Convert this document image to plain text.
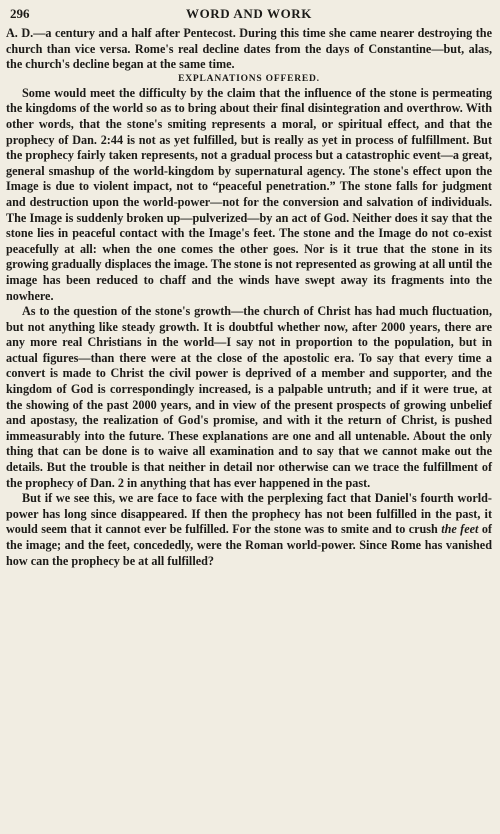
296	WORD AND WORK

A. D.—a century and a half after Pentecost. During this time she came nearer destroying the church than vice versa. Rome's real decline dates from the days of Constantine—but, alas, the church's decline began at the same time.

EXPLANATIONS OFFERED.

Some would meet the difficulty by the claim that the influence of the stone is permeating the kingdoms of the world so as to bring about their final disintegration and overthrow. With other words, that the stone's smiting represents a moral, or spiritual effect, and that the prophecy of Dan. 2:44 is not as yet fulfilled, but is really as yet in process of fulfillment. But the prophecy fairly taken represents, not a gradual process but a catastrophic event—a great, general smashup of the world-kingdom by supernatural agency. The stone's effect upon the Image is due to violent impact, not to “peaceful penetration.” The stone falls for judgment and destruction upon the world-power—not for the conversion and salvation of individuals. The Image is suddenly broken up—pulverized—by an act of God. Neither does it say that the stone lies in peaceful contact with the Image's feet. The stone and the Image do not co-exist peacefully at all: when the one comes the other goes. Nor is it true that the stone in its growing gradually displaces the image. The stone is not represented as growing at all until the image has been reduced to chaff and the winds have swept away its fragments into the nowhere.

As to the question of the stone's growth—the church of Christ has had much fluctuation, but not anything like steady growth. It is doubtful whether now, after 2000 years, there are any more real Christians in the world—I say not in proportion to the population, but in actual figures—than there were at the close of the apostolic era. To say that every time a convert is made to Christ the civil power is deprived of a member and supporter, and the kingdom of God is correspondingly increased, is a palpable untruth; and if it were true, at the showing of the past 2000 years, and in view of the present prospects of growing unbelief and apostasy, the realization of God's promise, and with it the return of Christ, is pushed immeasurably into the future. These explanations are one and all untenable. About the only thing that can be done is to waive all examination and to say that we cannot make out the details. But the trouble is that neither in detail nor otherwise can we trace the fulfillment of the prophecy of Dan. 2 in anything that has ever happened in the past.

But if we see this, we are face to face with the perplexing fact that Daniel's fourth world-power has long since disappeared. If then the prophecy has not been fulfilled in the past, it would seem that it cannot ever be fulfilled. For the stone was to smite and to crush the feet of the image; and the feet, concededly, were the Roman world-power. Since Rome has vanished how can the prophecy be at all fulfilled?
